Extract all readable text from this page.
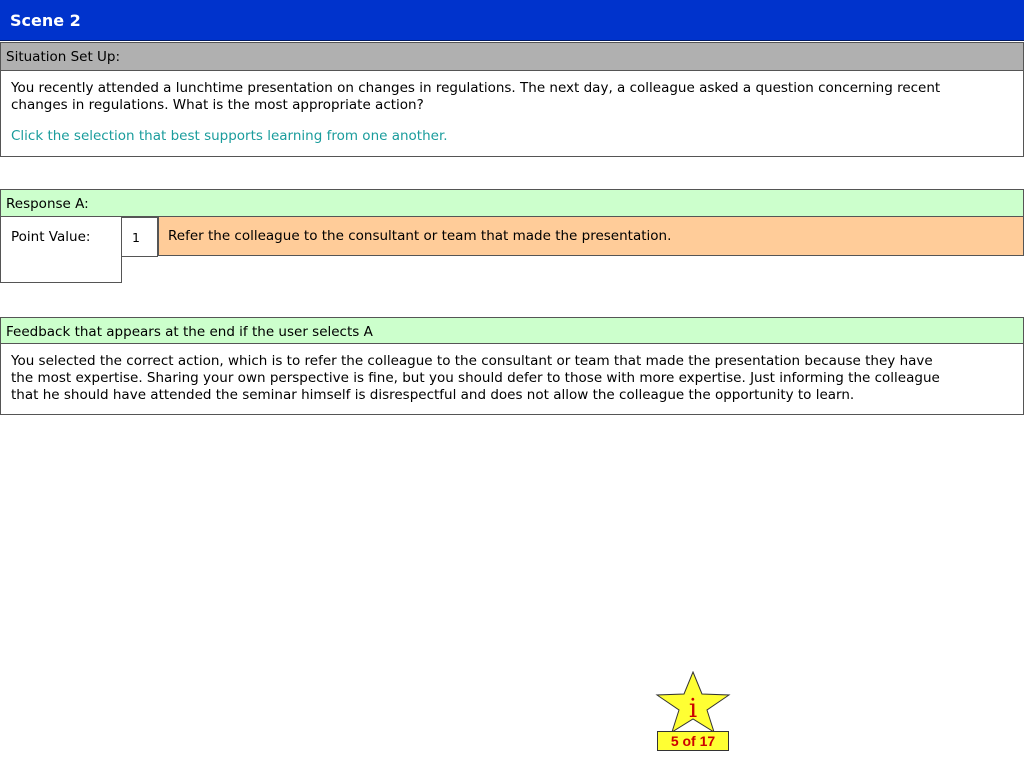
Scene 2
Situation Set Up:
You recently attended a lunchtime presentation on changes in regulations. The next day, a colleague asked a question concerning recent
changes in regulations. What is the most appropriate action?
Click the selection that best supports learning from one another.
Response A:
Point Value:	1 Refer the colleague to the consultant or team that made the presentation.
Feedback that appears at the end if the user selects A
You selected the correct action, which is to refer the colleague to the consultant or team that made the presentation because they have
the most expertise. Sharing your own perspective is fine, but you should defer to those with more expertise. Just informing the colleague
that he should have attended the seminar himself is disrespectful and does not allow the colleague the opportunity to learn.
i
5 of 17
